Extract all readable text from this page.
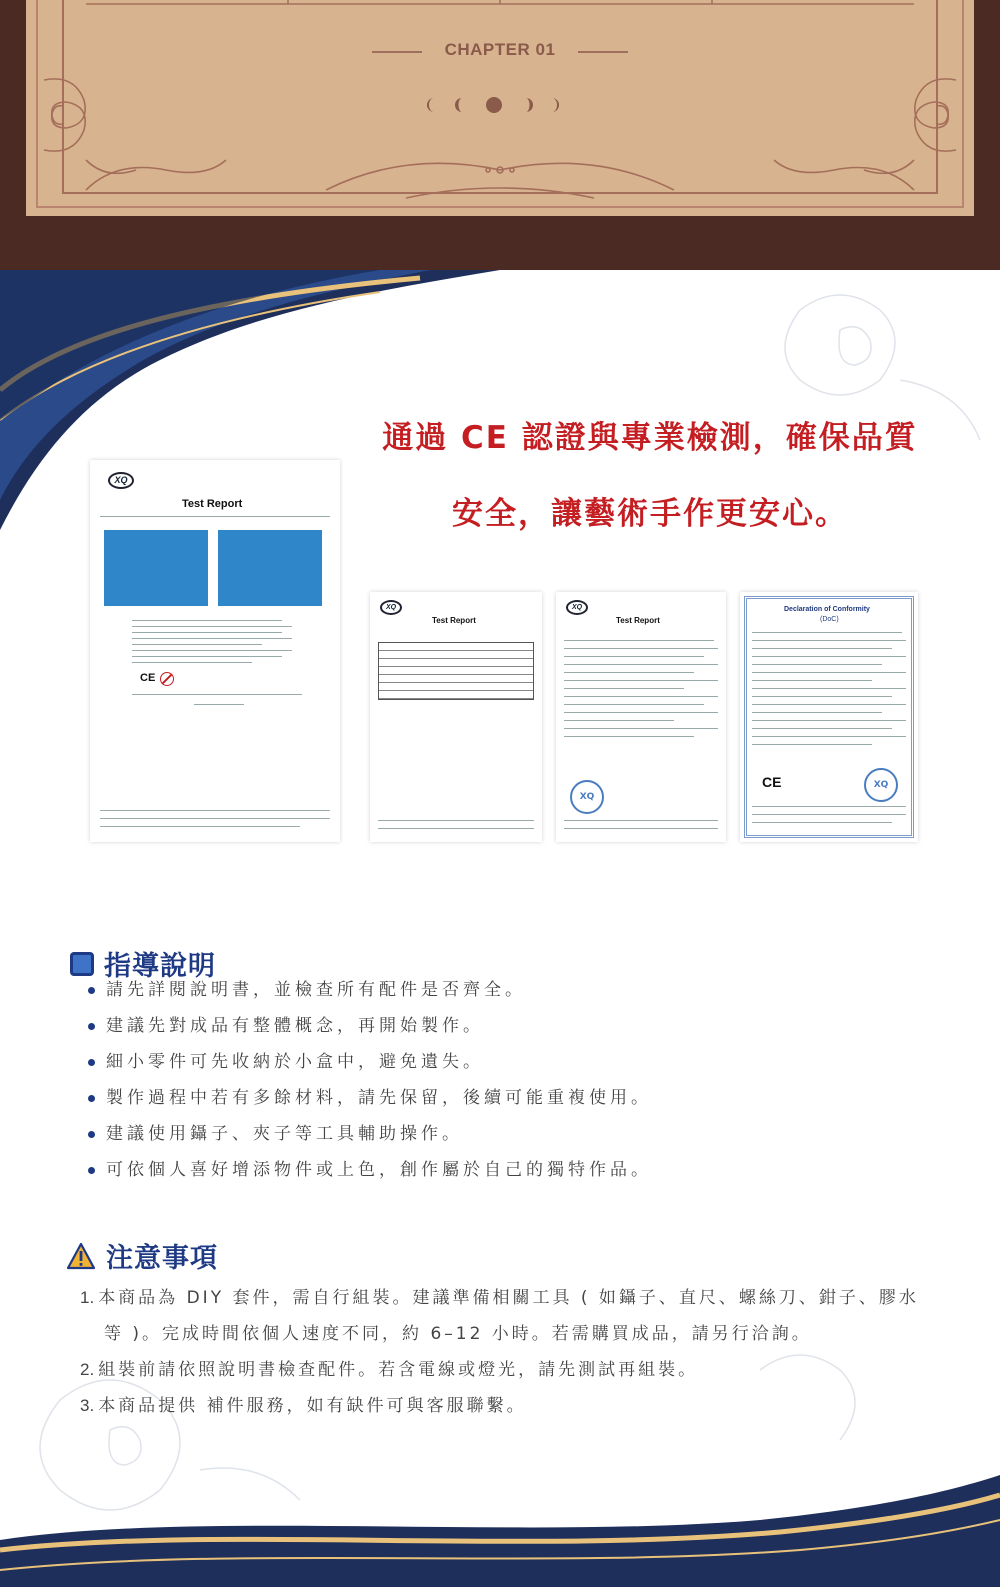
CHAPTER 01
通過 CE 認證與專業檢測，確保品質
安全，讓藝術手作更安心。
XQ
Test Report
CE
XQ
Test Report
XQ
Test Report
XQ
Declaration of Conformity
(DoC)
CE	XQ
指導說明
請先詳閱說明書，並檢查所有配件是否齊全。
建議先對成品有整體概念，再開始製作。
細小零件可先收納於小盒中，避免遺失。
製作過程中若有多餘材料，請先保留，後續可能重複使用。
建議使用鑷子、夾子等工具輔助操作。
可依個人喜好增添物件或上色，創作屬於自己的獨特作品。
注意事項
1. 本商品為 DIY 套件，需自行組裝。建議準備相關工具 ( 如鑷子、直尺、螺絲刀、鉗子、膠水
等 )。完成時間依個人速度不同，約 6–12 小時。若需購買成品，請另行洽詢。
2. 組裝前請依照說明書檢查配件。若含電線或燈光，請先測試再組裝。
3. 本商品提供 補件服務，如有缺件可與客服聯繫。
